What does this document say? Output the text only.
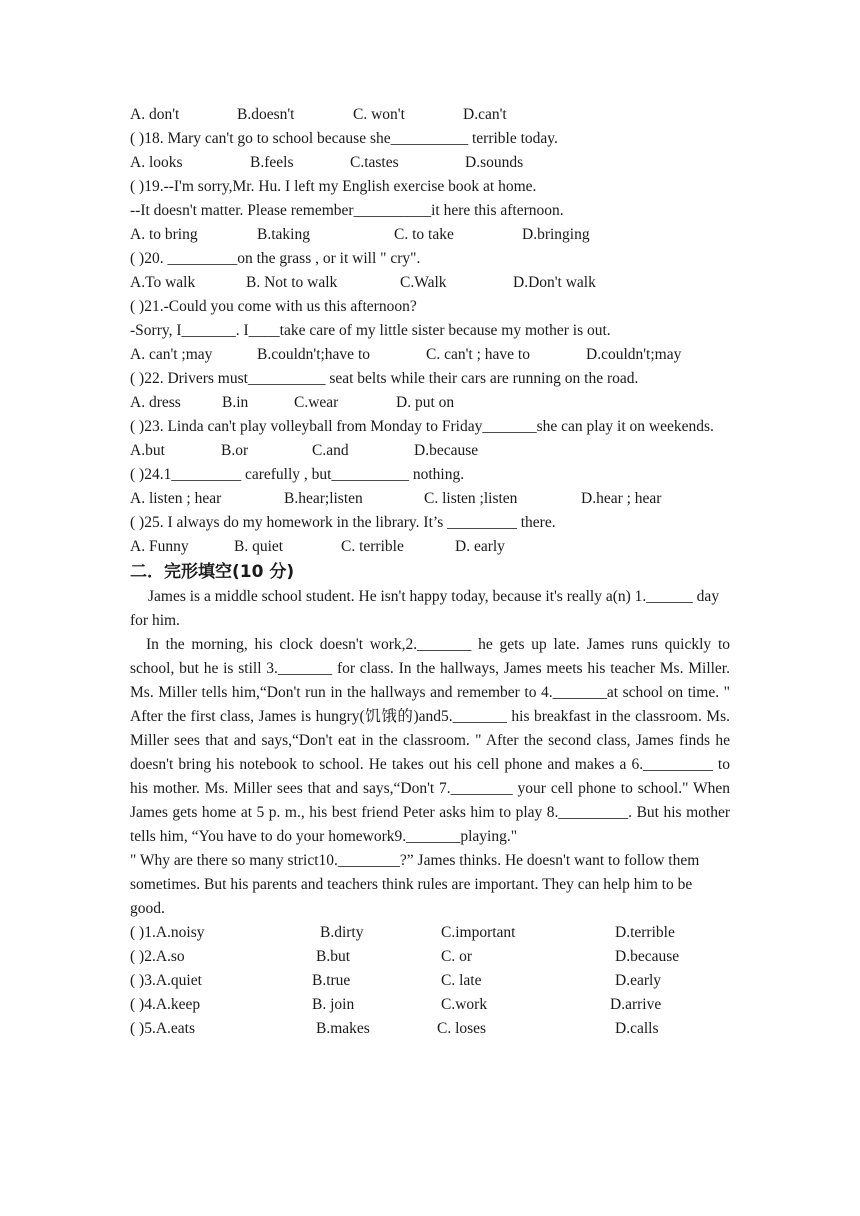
A. don't	B.doesn't	C. won't	D.can't
( )18. Mary can't go to school because she__________ terrible today.
A. looks	B.feels	C.tastes	D.sounds
( )19.--I'm sorry,Mr. Hu. I left my English exercise book at home.
--It doesn't matter. Please remember__________it here this afternoon.
A. to bring	B.taking	C. to take	D.bringing
( )20. _________on the grass , or it will " cry".
A.To walk	B. Not to walk	C.Walk	D.Don't walk
( )21.-Could you come with us this afternoon?
-Sorry, I_______. I____take care of my little sister because my mother is out.
A. can't ;may	B.couldn't;have to	C. can't ; have to	D.couldn't;may
( )22. Drivers must__________ seat belts while their cars are running on the road.
A. dress	B.in	C.wear	D. put on
( )23. Linda can't play volleyball from Monday to Friday_______she can play it on weekends.
A.but	B.or	C.and	D.because
( )24.1_________ carefully , but__________ nothing.
A. listen ; hear	B.hear;listen	C. listen ;listen	D.hear ; hear
( )25. I always do my homework in the library. It’s _________ there.
A. Funny	B. quiet	C. terrible	D. early
二．完形填空(10 分)
James is a middle school student. He isn't happy today, because it's really a(n) 1.______ day for him.
In the morning, his clock doesn't work,2._______ he gets up late. James runs quickly to school, but he is still 3._______ for class. In the hallways, James meets his teacher Ms. Miller. Ms. Miller tells him,“Don't run in the hallways and remember to 4._______at school on time. " After the first class, James is hungry(饥饿的)and5._______ his breakfast in the classroom. Ms. Miller sees that and says,“Don't eat in the classroom. " After the second class, James finds he doesn't bring his notebook to school. He takes out his cell phone and makes a 6._________ to his mother. Ms. Miller sees that and says,“Don't 7.________ your cell phone to school." When James gets home at 5 p. m., his best friend Peter asks him to play 8._________. But his mother tells him, “You have to do your homework9._______playing."
" Why are there so many strict10.________?” James thinks. He doesn't want to follow them sometimes. But his parents and teachers think rules are important. They can help him to be good.
( )1.A.noisy	B.dirty	C.important	D.terrible
( )2.A.so	B.but	C. or	D.because
( )3.A.quiet	B.true	C. late	D.early
( )4.A.keep	B. join	C.work	D.arrive
( )5.A.eats	B.makes	C. loses	D.calls
